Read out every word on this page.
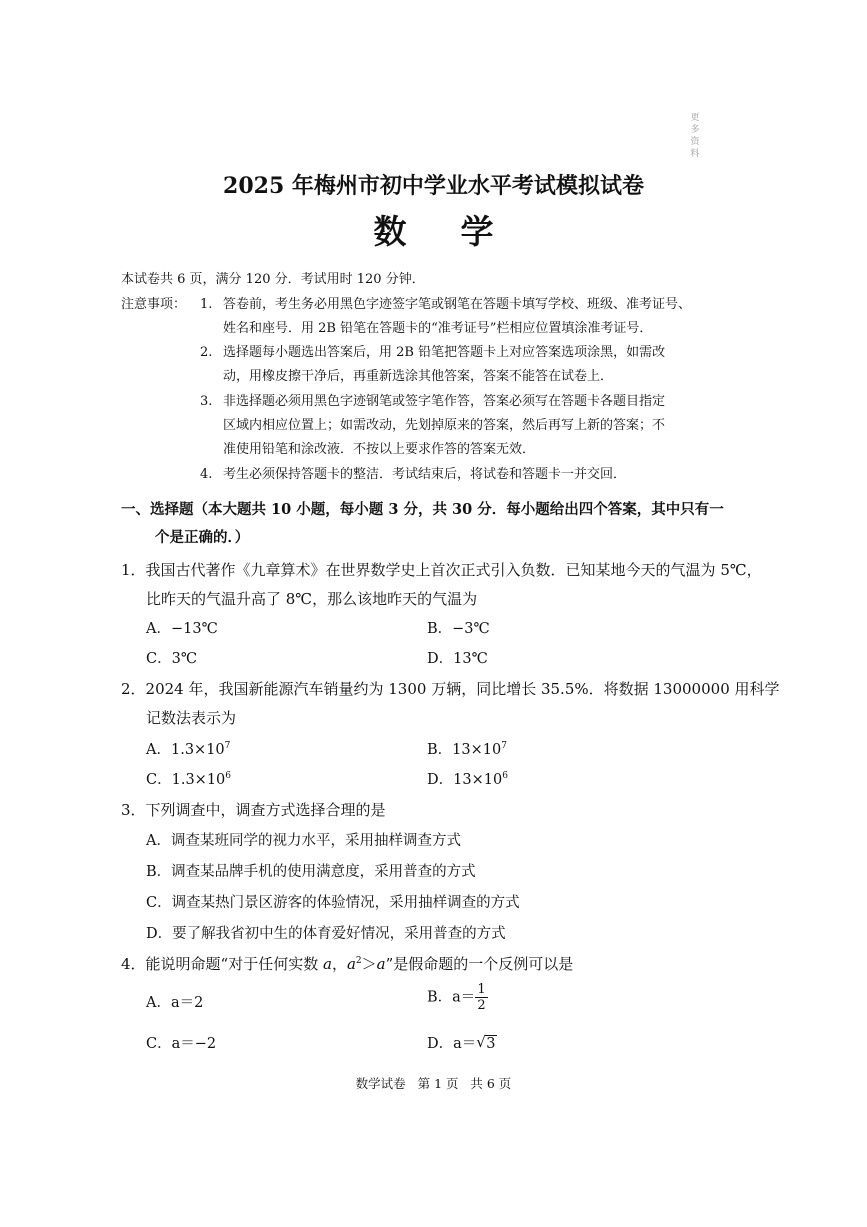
更多资料
2025 年梅州市初中学业水平考试模拟试卷
数学
本试卷共 6 页，满分 120 分．考试用时 120 分钟．
注意事项： 1. 答卷前，考生务必用黑色字迹签字笔或钢笔在答题卡填写学校、班级、准考证号、
姓名和座号．用 2B 铅笔在答题卡的“准考证号”栏相应位置填涂准考证号．
2. 选择题每小题选出答案后，用 2B 铅笔把答题卡上对应答案选项涂黑，如需改
动，用橡皮擦干净后，再重新选涂其他答案，答案不能答在试卷上．
3. 非选择题必须用黑色字迹钢笔或签字笔作答，答案必须写在答题卡各题目指定
区域内相应位置上；如需改动，先划掉原来的答案，然后再写上新的答案；不
准使用铅笔和涂改液．不按以上要求作答的答案无效．
4. 考生必须保持答题卡的整洁．考试结束后，将试卷和答题卡一并交回．
一、选择题（本大题共 10 小题，每小题 3 分，共 30 分．每小题给出四个答案，其中只有一
个是正确的．）
1．我国古代著作《九章算术》在世界数学史上首次正式引入负数．已知某地今天的气温为 5℃，
比昨天的气温升高了 8℃，那么该地昨天的气温为
A．−13℃	B．−3℃
C．3℃	D．13℃
2．2024 年，我国新能源汽车销量约为 1300 万辆，同比增长 35.5%．将数据 13000000 用科学
记数法表示为
A．$1.3\times 10^7$	B．$13\times 10^7$
C．$1.3\times 10^6$	D．$13\times 10^6$
3．下列调查中，调查方式选择合理的是
A．调查某班同学的视力水平，采用抽样调查方式
B．调查某品牌手机的使用满意度，采用普查的方式
C．调查某热门景区游客的体验情况，采用抽样调查的方式
D．要了解我省初中生的体育爱好情况，采用普查的方式
4．能说明命题“对于任何实数 a，$a^2>a$”是假命题的一个反例可以是
A．a＝2	B．$a= \frac{1}{2}$
C．a＝−2	D．a＝ √ 3
数学试卷   第 1 页   共 6 页
